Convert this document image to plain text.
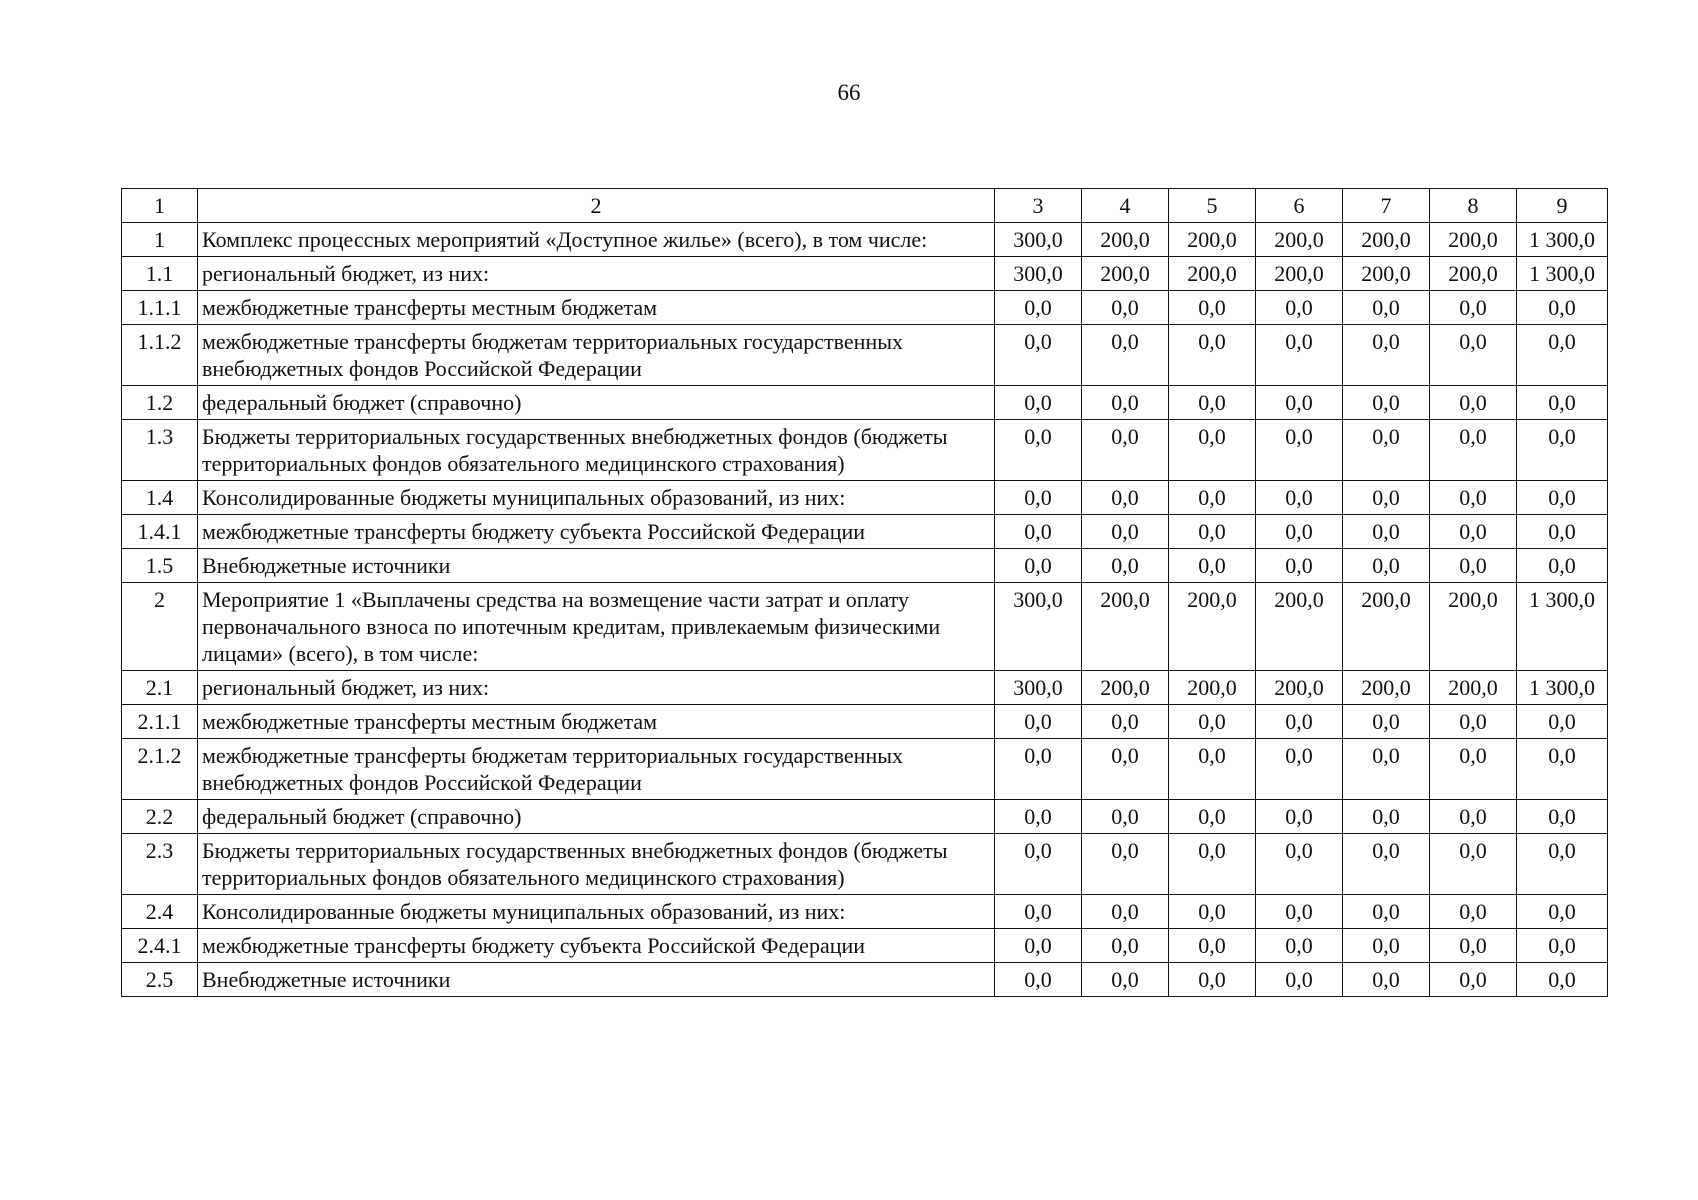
66
1	2	3	4	5	6	7	8	9
1	Комплекс процессных мероприятий «Доступное жилье» (всего), в том числе:	300,0	200,0	200,0	200,0	200,0	200,0	1 300,0
1.1	региональный бюджет, из них:	300,0	200,0	200,0	200,0	200,0	200,0	1 300,0
1.1.1	межбюджетные трансферты местным бюджетам	0,0	0,0	0,0	0,0	0,0	0,0	0,0
1.1.2	межбюджетные трансферты бюджетам территориальных государственных внебюджетных фондов Российской Федерации	0,0	0,0	0,0	0,0	0,0	0,0	0,0
1.2	федеральный бюджет (справочно)	0,0	0,0	0,0	0,0	0,0	0,0	0,0
1.3	Бюджеты территориальных государственных внебюджетных фондов (бюджеты территориальных фондов обязательного медицинского страхования)	0,0	0,0	0,0	0,0	0,0	0,0	0,0
1.4	Консолидированные бюджеты муниципальных образований, из них:	0,0	0,0	0,0	0,0	0,0	0,0	0,0
1.4.1	межбюджетные трансферты бюджету субъекта Российской Федерации	0,0	0,0	0,0	0,0	0,0	0,0	0,0
1.5	Внебюджетные источники	0,0	0,0	0,0	0,0	0,0	0,0	0,0
2	Мероприятие 1 «Выплачены средства на возмещение части затрат и оплату первоначального взноса по ипотечным кредитам, привлекаемым физическими лицами» (всего), в том числе:	300,0	200,0	200,0	200,0	200,0	200,0	1 300,0
2.1	региональный бюджет, из них:	300,0	200,0	200,0	200,0	200,0	200,0	1 300,0
2.1.1	межбюджетные трансферты местным бюджетам	0,0	0,0	0,0	0,0	0,0	0,0	0,0
2.1.2	межбюджетные трансферты бюджетам территориальных государственных внебюджетных фондов Российской Федерации	0,0	0,0	0,0	0,0	0,0	0,0	0,0
2.2	федеральный бюджет (справочно)	0,0	0,0	0,0	0,0	0,0	0,0	0,0
2.3	Бюджеты территориальных государственных внебюджетных фондов (бюджеты территориальных фондов обязательного медицинского страхования)	0,0	0,0	0,0	0,0	0,0	0,0	0,0
2.4	Консолидированные бюджеты муниципальных образований, из них:	0,0	0,0	0,0	0,0	0,0	0,0	0,0
2.4.1	межбюджетные трансферты бюджету субъекта Российской Федерации	0,0	0,0	0,0	0,0	0,0	0,0	0,0
2.5	Внебюджетные источники	0,0	0,0	0,0	0,0	0,0	0,0	0,0
